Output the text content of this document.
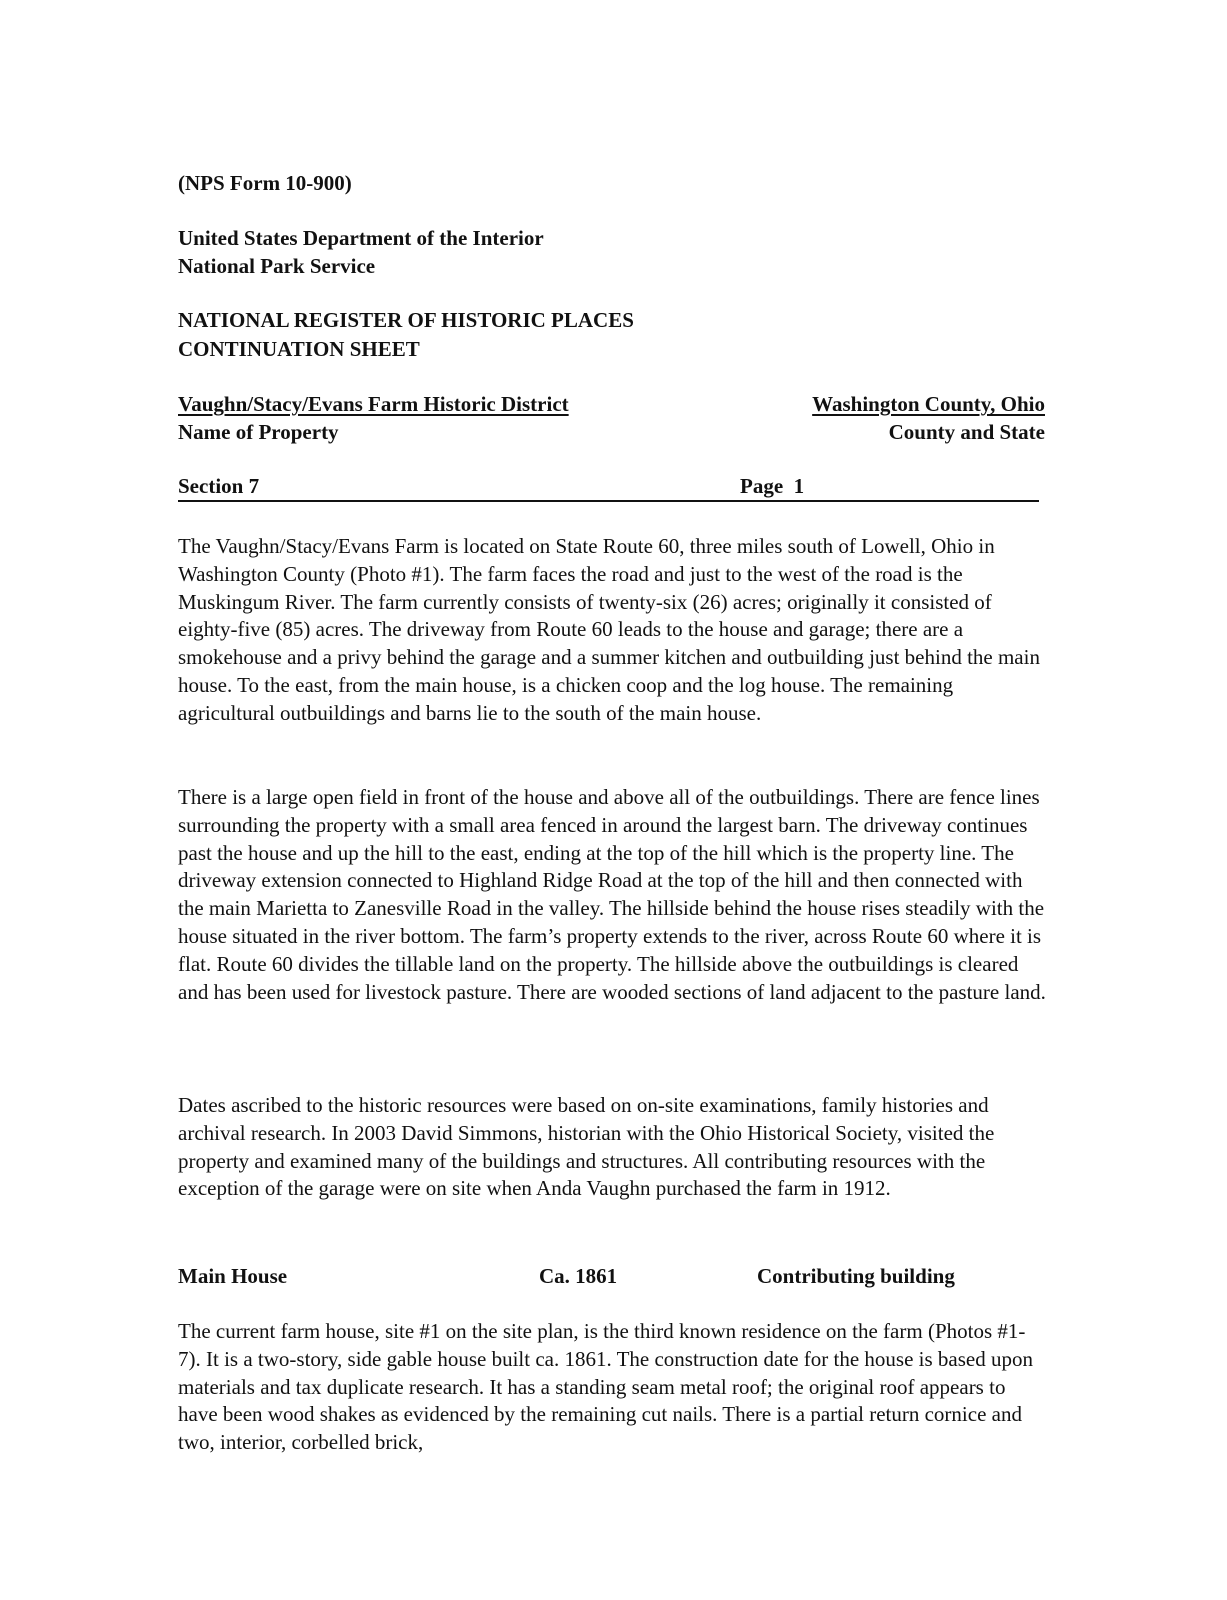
(NPS Form 10-900)
United States Department of the Interior
National Park Service
NATIONAL REGISTER OF HISTORIC PLACES
CONTINUATION SHEET
Vaughn/Stacy/Evans Farm Historic District
Name of Property
Washington County, Ohio
County and State
Section 7	Page  1

The Vaughn/Stacy/Evans Farm is located on State Route 60, three miles south of Lowell, Ohio in Washington County (Photo #1). The farm faces the road and just to the west of the road is the Muskingum River. The farm currently consists of twenty-six (26) acres; originally it consisted of eighty-five (85) acres. The driveway from Route 60 leads to the house and garage; there are a smokehouse and a privy behind the garage and a summer kitchen and outbuilding just behind the main house. To the east, from the main house, is a chicken coop and the log house. The remaining agricultural outbuildings and barns lie to the south of the main house.

There is a large open field in front of the house and above all of the outbuildings. There are fence lines surrounding the property with a small area fenced in around the largest barn. The driveway continues past the house and up the hill to the east, ending at the top of the hill which is the property line. The driveway extension connected to Highland Ridge Road at the top of the hill and then connected with the main Marietta to Zanesville Road in the valley. The hillside behind the house rises steadily with the house situated in the river bottom. The farm’s property extends to the river, across Route 60 where it is flat. Route 60 divides the tillable land on the property. The hillside above the outbuildings is cleared and has been used for livestock pasture. There are wooded sections of land adjacent to the pasture land.

Dates ascribed to the historic resources were based on on-site examinations, family histories and archival research. In 2003 David Simmons, historian with the Ohio Historical Society, visited the property and examined many of the buildings and structures. All contributing resources with the exception of the garage were on site when Anda Vaughn purchased the farm in 1912.

Main House	Ca. 1861	Contributing building

The current farm house, site #1 on the site plan, is the third known residence on the farm (Photos #1-7). It is a two-story, side gable house built ca. 1861. The construction date for the house is based upon materials and tax duplicate research. It has a standing seam metal roof; the original roof appears to have been wood shakes as evidenced by the remaining cut nails. There is a partial return cornice and two, interior, corbelled brick,
